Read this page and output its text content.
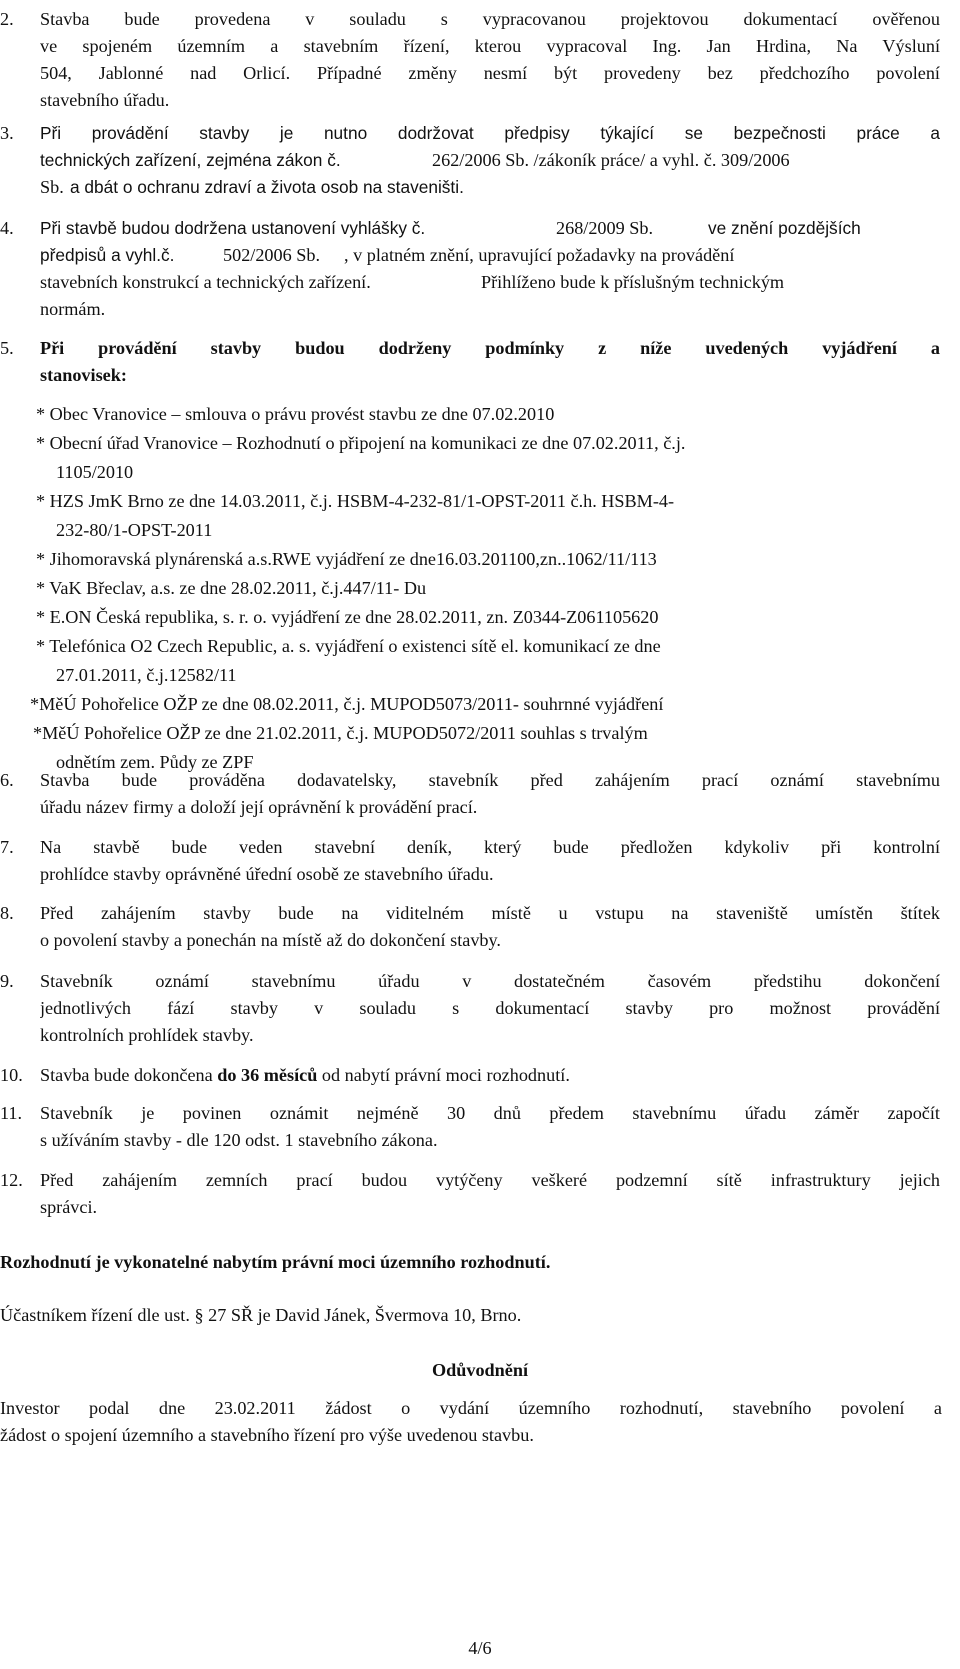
2. Stavba bude provedena v souladu s vypracovanou projektovou dokumentací ověřenou
ve spojeném územním a stavebním řízení, kterou vypracoval Ing. Jan Hrdina, Na Výsluní
504, Jablonné nad Orlicí. Případné změny nesmí být provedeny bez předchozího povolení
stavebního úřadu.
3. Při provádění stavby je nutno dodržovat předpisy týkající se bezpečnosti práce a
technických zařízení, zejména zákon č.	262/2006 Sb. /zákoník práce/ a vyhl. č. 309/2006
Sb. a dbát o ochranu zdraví a života osob na staveništi.
4. Při stavbě budou dodržena ustanovení vyhlášky č.	268/2009 Sb.	ve znění pozdějších
předpisů a vyhl.č.	502/2006 Sb. , v platném znění, upravující požadavky na provádění
stavebních konstrukcí a technických zařízení.	Přihlíženo bude k příslušným technickým
normám.
5. Při provádění stavby budou dodrženy podmínky z níže uvedených vyjádření a
stanovisek:
* Obec Vranovice – smlouva o právu provést stavbu ze dne 07.02.2010
* Obecní úřad Vranovice – Rozhodnutí o připojení na komunikaci ze dne 07.02.2011, č.j.
1105/2010
* HZS JmK Brno ze dne 14.03.2011, č.j. HSBM-4-232-81/1-OPST-2011 č.h. HSBM-4-
232-80/1-OPST-2011
* Jihomoravská plynárenská a.s.RWE vyjádření ze dne16.03.201100,zn..1062/11/113
* VaK Břeclav, a.s. ze dne 28.02.2011, č.j.447/11- Du
* E.ON Česká republika, s. r. o. vyjádření ze dne 28.02.2011, zn. Z0344-Z061105620
* Telefónica O2 Czech Republic, a. s. vyjádření o existenci sítě el. komunikací ze dne
27.01.2011, č.j.12582/11
*MěÚ Pohořelice OŽP ze dne 08.02.2011, č.j. MUPOD5073/2011- souhrnné vyjádření
*MěÚ Pohořelice OŽP ze dne 21.02.2011, č.j. MUPOD5072/2011 souhlas s trvalým
odnětím zem. Půdy ze ZPF
6. Stavba bude prováděna dodavatelsky, stavebník před zahájením prací oznámí stavebnímu
úřadu název firmy a doloží její oprávnění k provádění prací.
7. Na stavbě bude veden stavební deník, který bude předložen kdykoliv při kontrolní
prohlídce stavby oprávněné úřední osobě ze stavebního úřadu.
8. Před zahájením stavby bude na viditelném místě u vstupu na staveniště umístěn štítek
o povolení stavby a ponechán na místě až do dokončení stavby.
9. Stavebník oznámí stavebnímu úřadu v dostatečném časovém předstihu dokončení
jednotlivých fází stavby v souladu s dokumentací stavby pro možnost provádění
kontrolních prohlídek stavby.
10. Stavba bude dokončena do 36 měsíců od nabytí právní moci rozhodnutí.
11. Stavebník je povinen oznámit nejméně 30 dnů předem stavebnímu úřadu záměr započít
s užíváním stavby - dle 120 odst. 1 stavebního zákona.
12. Před zahájením zemních prací budou vytýčeny veškeré podzemní sítě infrastruktury jejich
správci.
Rozhodnutí je vykonatelné nabytím právní moci územního rozhodnutí.
Účastníkem řízení dle ust. § 27 SŘ je David Jánek, Švermova 10, Brno.
Odůvodnění
Investor podal dne 23.02.2011 žádost o vydání územního rozhodnutí, stavebního povolení a
žádost o spojení územního a stavebního řízení pro výše uvedenou stavbu.
4/6
